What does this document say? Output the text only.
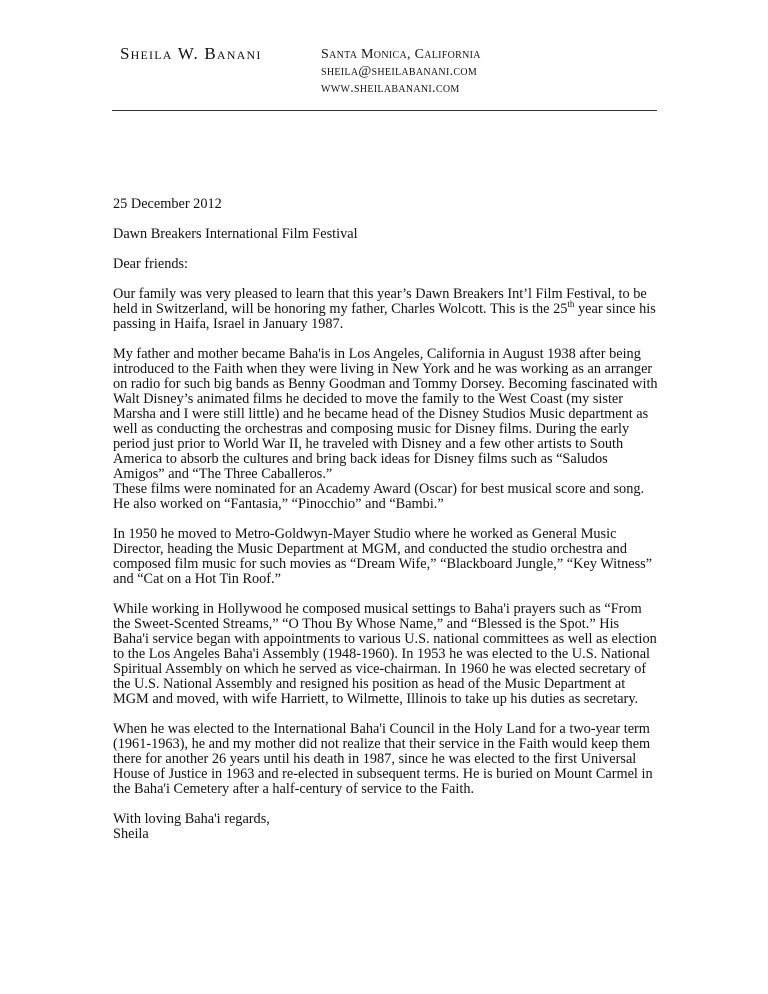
Sheila W. Banani	Santa Monica, California
sheila@sheilabanani.com
www.sheilabanani.com

25 December 2012

Dawn Breakers International Film Festival

Dear friends:

Our family was very pleased to learn that this year’s Dawn Breakers Int’l Film Festival, to be held in Switzerland, will be honoring my father, Charles Wolcott. This is the 25th year since his passing in Haifa, Israel in January 1987.

My father and mother became Baha'is in Los Angeles, California in August 1938 after being introduced to the Faith when they were living in New York and he was working as an arranger on radio for such big bands as Benny Goodman and Tommy Dorsey. Becoming fascinated with Walt Disney’s animated films he decided to move the family to the West Coast (my sister Marsha and I were still little) and he became head of the Disney Studios Music department as well as conducting the orchestras and composing music for Disney films. During the early period just prior to World War II, he traveled with Disney and a few other artists to South America to absorb the cultures and bring back ideas for Disney films such as “Saludos Amigos” and “The Three Caballeros.”

These films were nominated for an Academy Award (Oscar) for best musical score and song. He also worked on “Fantasia,” “Pinocchio” and “Bambi.”

In 1950 he moved to Metro-Goldwyn-Mayer Studio where he worked as General Music Director, heading the Music Department at MGM, and conducted the studio orchestra and composed film music for such movies as “Dream Wife,” “Blackboard Jungle,” “Key Witness” and “Cat on a Hot Tin Roof.”

While working in Hollywood he composed musical settings to Baha'i prayers such as “From the Sweet-Scented Streams,” “O Thou By Whose Name,” and “Blessed is the Spot.” His Baha'i service began with appointments to various U.S. national committees as well as election to the Los Angeles Baha'i Assembly (1948-1960). In 1953 he was elected to the U.S. National Spiritual Assembly on which he served as vice-chairman. In 1960 he was elected secretary of the U.S. National Assembly and resigned his position as head of the Music Department at MGM and moved, with wife Harriett, to Wilmette, Illinois to take up his duties as secretary.

When he was elected to the International Baha'i Council in the Holy Land for a two-year term (1961-1963), he and my mother did not realize that their service in the Faith would keep them there for another 26 years until his death in 1987, since he was elected to the first Universal House of Justice in 1963 and re-elected in subsequent terms. He is buried on Mount Carmel in the Baha'i Cemetery after a half-century of service to the Faith.

With loving Baha'i regards,

Sheila
